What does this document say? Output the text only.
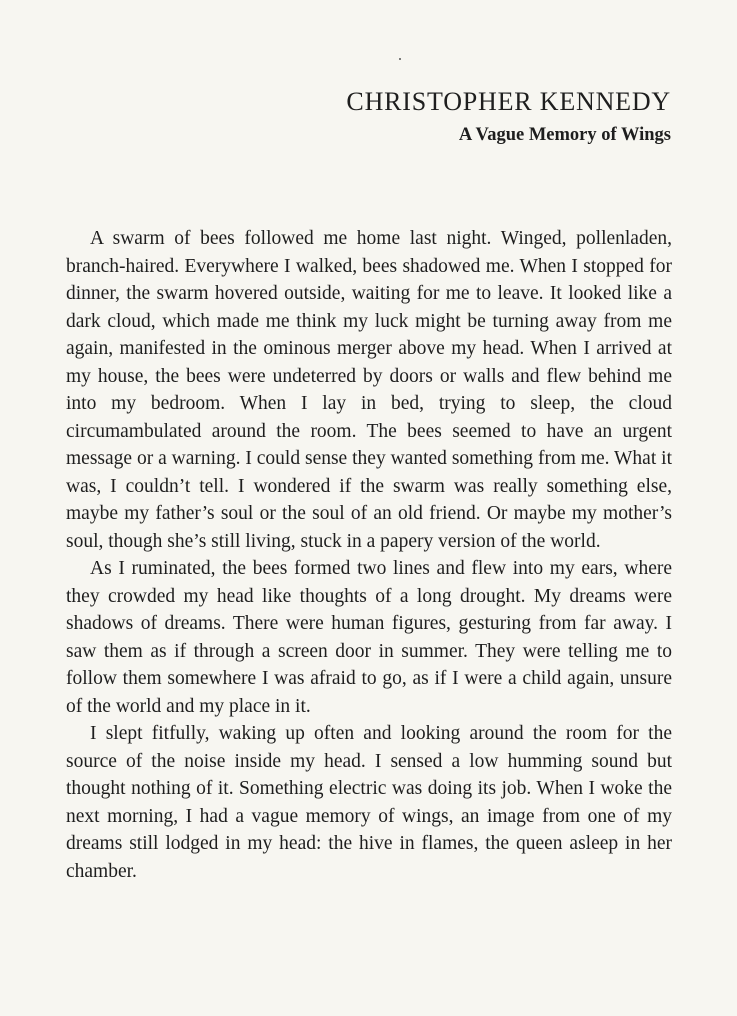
CHRISTOPHER KENNEDY
A Vague Memory of Wings

A swarm of bees followed me home last night. Winged, pollenladen, branch-haired. Everywhere I walked, bees shadowed me. When I stopped for dinner, the swarm hovered outside, waiting for me to leave. It looked like a dark cloud, which made me think my luck might be turning away from me again, manifested in the ominous merger above my head. When I arrived at my house, the bees were undeterred by doors or walls and flew behind me into my bedroom. When I lay in bed, trying to sleep, the cloud circumambulated around the room. The bees seemed to have an urgent message or a warning. I could sense they wanted something from me. What it was, I couldn’t tell. I wondered if the swarm was really something else, maybe my father’s soul or the soul of an old friend. Or maybe my mother’s soul, though she’s still living, stuck in a papery version of the world.

As I ruminated, the bees formed two lines and flew into my ears, where they crowded my head like thoughts of a long drought. My dreams were shadows of dreams. There were human figures, gesturing from far away. I saw them as if through a screen door in summer. They were telling me to follow them somewhere I was afraid to go, as if I were a child again, unsure of the world and my place in it.

I slept fitfully, waking up often and looking around the room for the source of the noise inside my head. I sensed a low humming sound but thought nothing of it. Something electric was doing its job. When I woke the next morning, I had a vague memory of wings, an image from one of my dreams still lodged in my head: the hive in flames, the queen asleep in her chamber.
